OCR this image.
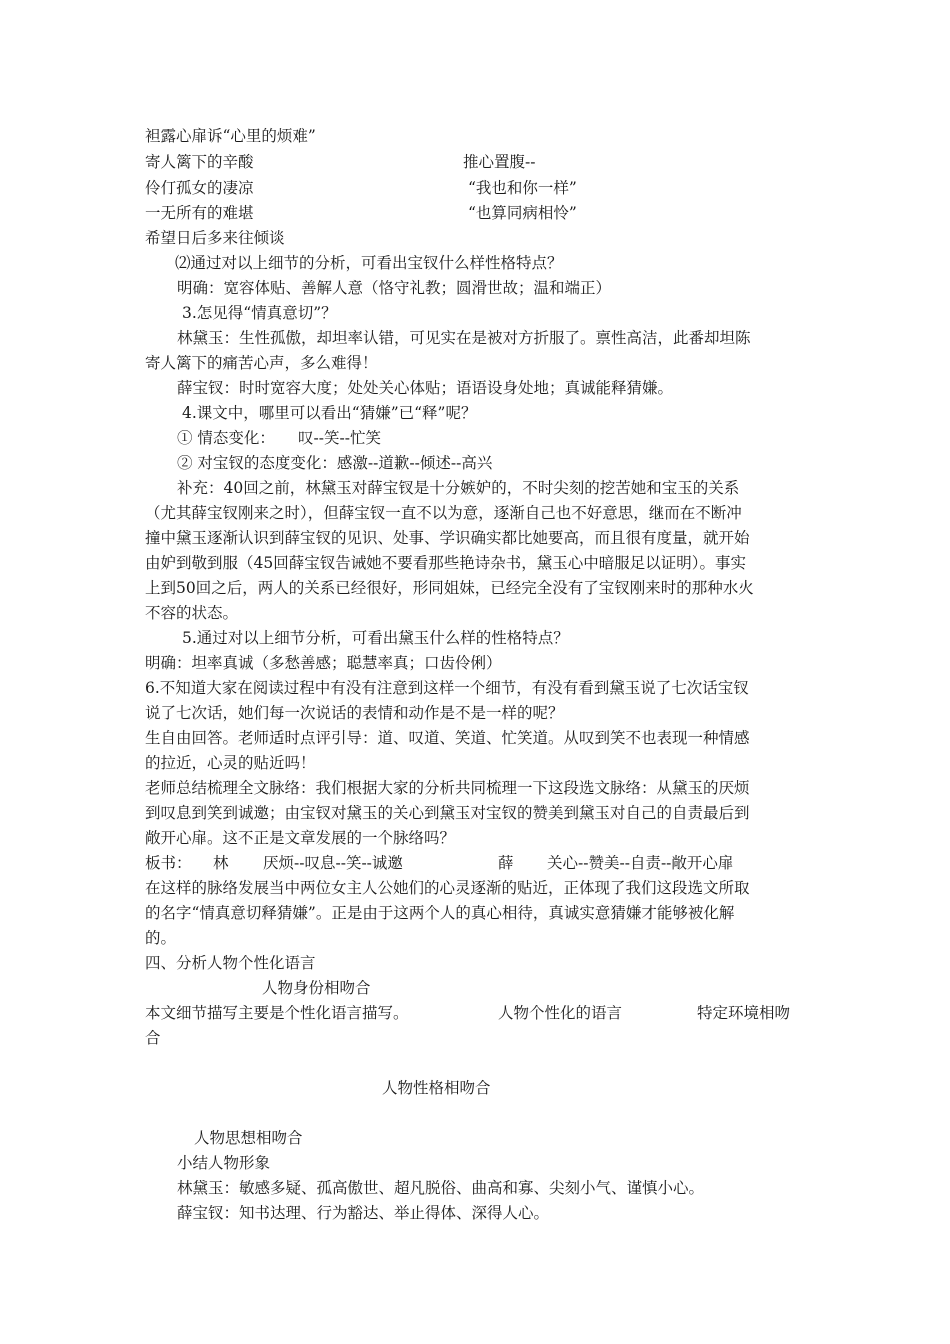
袒露心扉诉“心里的烦难”
寄人篱下的辛酸	推心置腹--
伶仃孤女的凄凉	“我也和你一样”
一无所有的难堪	“也算同病相怜”
希望日后多来往倾谈
⑵通过对以上细节的分析，可看出宝钗什么样性格特点？
明确：宽容体贴、善解人意（恪守礼教；圆滑世故；温和端正）
3.怎见得“情真意切”？
林黛玉：生性孤傲，却坦率认错，可见实在是被对方折服了。禀性高洁，此番却坦陈
寄人篱下的痛苦心声，多么难得！
薛宝钗：时时宽容大度；处处关心体贴；语语设身处地；真诚能释猜嫌。
4.课文中，哪里可以看出“猜嫌”已“释”呢？
① 情态变化： 叹--笑--忙笑
② 对宝钗的态度变化：感激--道歉--倾述--高兴
补充：40回之前，林黛玉对薛宝钗是十分嫉妒的，不时尖刻的挖苦她和宝玉的关系
（尤其薛宝钗刚来之时），但薛宝钗一直不以为意，逐渐自己也不好意思，继而在不断冲
撞中黛玉逐渐认识到薛宝钗的见识、处事、学识确实都比她要高，而且很有度量，就开始
由妒到敬到服（45回薛宝钗告诫她不要看那些艳诗杂书，黛玉心中暗服足以证明）。事实
上到50回之后，两人的关系已经很好，形同姐妹，已经完全没有了宝钗刚来时的那种水火
不容的状态。
5.通过对以上细节分析，可看出黛玉什么样的性格特点？
明确：坦率真诚（多愁善感；聪慧率真；口齿伶俐）
6.不知道大家在阅读过程中有没有注意到这样一个细节，有没有看到黛玉说了七次话宝钗
说了七次话，她们每一次说话的表情和动作是不是一样的呢？
生自由回答。老师适时点评引导：道、叹道、笑道、忙笑道。从叹到笑不也表现一种情感
的拉近，心灵的贴近吗！
老师总结梳理全文脉络：我们根据大家的分析共同梳理一下这段选文脉络：从黛玉的厌烦
到叹息到笑到诚邀；由宝钗对黛玉的关心到黛玉对宝钗的赞美到黛玉对自己的自责最后到
敞开心扉。这不正是文章发展的一个脉络吗？
板书： 林 厌烦--叹息--笑--诚邀	薛 关心--赞美--自责--敞开心扉
在这样的脉络发展当中两位女主人公她们的心灵逐渐的贴近，正体现了我们这段选文所取
的名字“情真意切释猜嫌”。正是由于这两个人的真心相待，真诚实意猜嫌才能够被化解
的。
四、分析人物个性化语言
人物身份相吻合
本文细节描写主要是个性化语言描写。	人物个性化的语言	特定环境相吻
合
人物性格相吻合
人物思想相吻合
小结人物形象
林黛玉：敏感多疑、孤高傲世、超凡脱俗、曲高和寡、尖刻小气、谨慎小心。
薛宝钗：知书达理、行为豁达、举止得体、深得人心。
